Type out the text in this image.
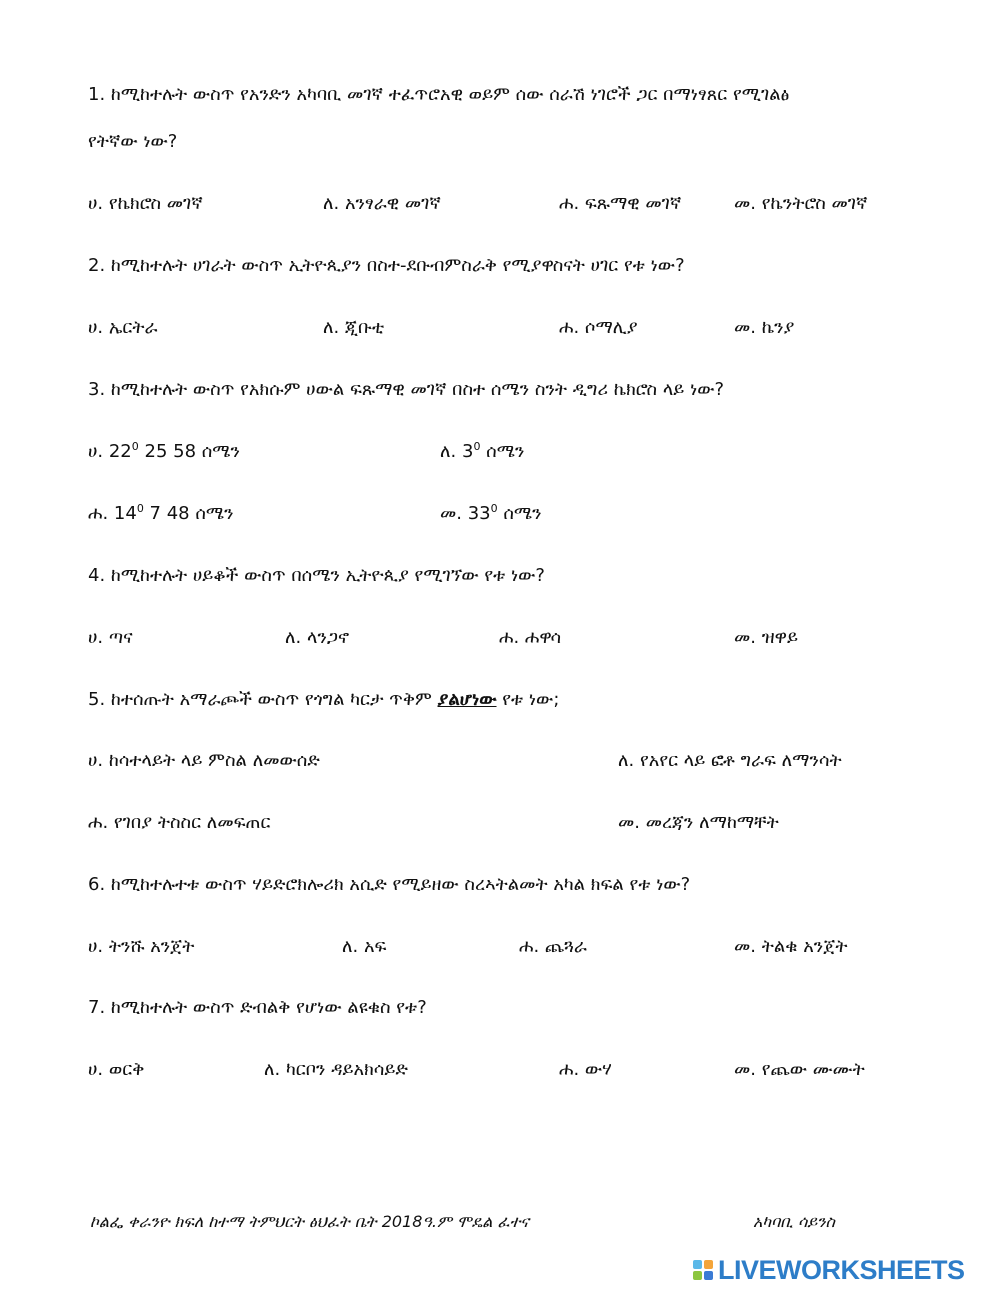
1. ከሚከተሉት ውስጥ የአንድን አካባቢ መገኛ ተፈጥሮአዊ ወይም ሰው ሰራሽ ነገሮች ጋር በማነፃጸር የሚገልፅ
የትኛው ነው?
ሀ. የኬክሮስ መገኛ	ለ. አንፃራዊ መገኛ	ሐ. ፍጹማዊ መገኛ	መ. የኬንትሮስ መገኛ
2. ከሚከተሉት ሀገራት ውስጥ ኢትዮጲያን በስተ-ደቡብምስራቅ የሚያዋስናት ሀገር የቱ ነው?
ሀ. ኤርትራ	ለ. ጂቡቲ	ሐ. ሶማሊያ	መ. ኬንያ
3. ከሚከተሉት ውስጥ የአክሱም ሀውል ፍጹማዊ መገኛ በስተ ሰሜን ስንት ዲግሪ ኬክሮስ ላይ ነው?
ሀ. $22^0$ 25 58 ሰሜን	ለ. $3^0$ ሰሜን
ሐ. $14^0$ 7 48 ሰሜን	መ. $33^0$ ሰሜን
4. ከሚከተሉት ሀይቆች ውስጥ በሰሜን ኢትዮጲያ የሚገኘው የቱ ነው?
ሀ. ጣና	ለ. ላንጋኖ	ሐ. ሐዋሳ	መ. ዝዋይ
5. ከተሰጡት አማራጮች ውስጥ የጎግል ካርታ ጥቅም ያልሆነው የቱ ነው;
ሀ. ከሳተላይት ላይ ምስል ለመውሰድ	ለ. የአየር ላይ ፎቶ ግራፍ ለማንሳት
ሐ. የገበያ ትስስር ለመፍጠር	መ. መረጃን ለማከማቸት
6. ከሚከተሉተቱ ውስጥ ሃይድሮክሎሪክ አሲድ የሚይዘው ስረኣትልመት አካል ክፍል የቱ ነው?
ሀ. ትንሹ አንጀት	ለ. አፍ	ሐ. ጨጓራ	መ. ትልቁ አንጀት
7. ከሚከተሉት ውስጥ ድብልቅ የሆነው ልዩቁስ የቱ?
ሀ. ወርቅ	ለ. ካርቦን ዳይአክሳይድ	ሐ. ውሃ	መ. የጨው ሙሙት
ኮልፌ ቀራንዮ ክፍለ ከተማ ትምህርት ፅህፈት ቤት 2018ዓ.ም ሞዴል ፈተና	አካባቢ ሳይንስ
LIVEWORKSHEETS
